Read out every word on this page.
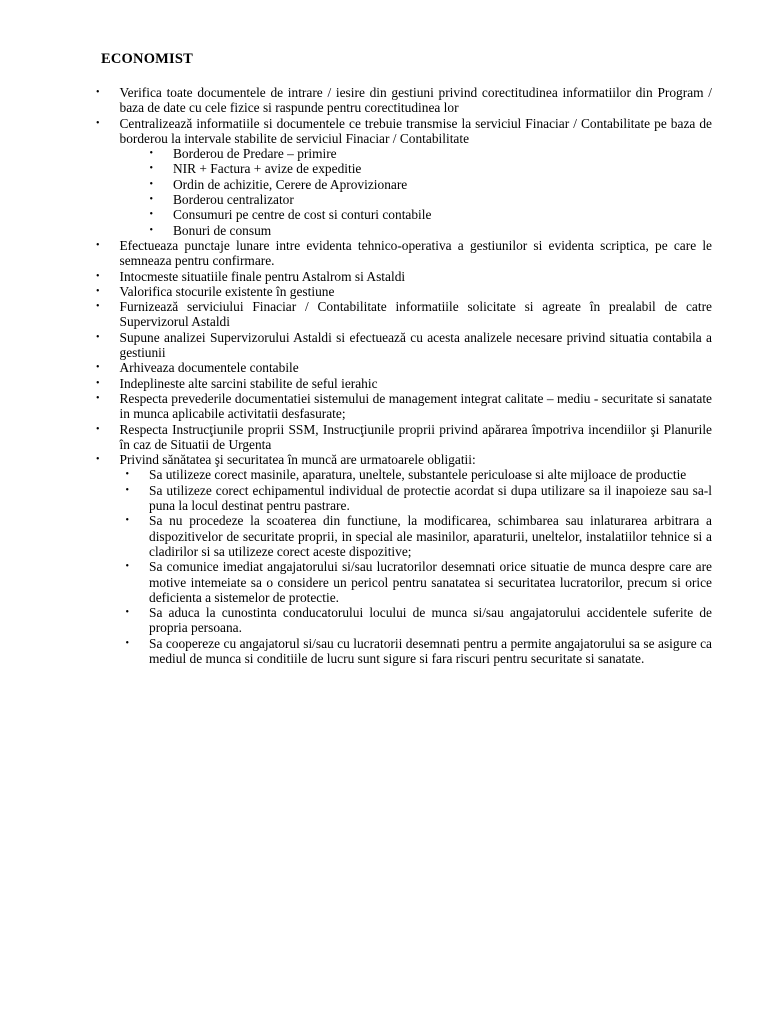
ECONOMIST
• Verifica toate documentele de intrare / iesire din gestiuni privind corectitudinea informatiilor din Program / baza de date cu cele fizice si raspunde pentru corectitudinea lor
• Centralizează informatiile si documentele ce trebuie transmise la serviciul Finaciar / Contabilitate pe baza de borderou la intervale stabilite de serviciul Finaciar / Contabilitate
• Borderou de Predare – primire
• NIR + Factura + avize de expeditie
• Ordin de achizitie, Cerere de Aprovizionare
• Borderou centralizator
• Consumuri pe centre de cost si conturi contabile
• Bonuri de consum
• Efectueaza punctaje lunare intre evidenta tehnico-operativa a gestiunilor si evidenta scriptica, pe care le semneaza pentru confirmare.
• Intocmeste situatiile finale pentru Astalrom si Astaldi
• Valorifica stocurile existente în gestiune
• Furnizează serviciului Finaciar / Contabilitate informatiile solicitate si agreate în prealabil de catre Supervizorul Astaldi
• Supune analizei Supervizorului Astaldi si efectuează cu acesta analizele necesare privind situatia contabila a gestiunii
• Arhiveaza documentele contabile
• Indeplineste alte sarcini stabilite de seful ierahic
• Respecta prevederile documentatiei sistemului de management integrat calitate – mediu - securitate si sanatate in munca aplicabile activitatii desfasurate;
• Respecta Instrucţiunile proprii SSM, Instrucţiunile proprii privind apărarea împotriva incendiilor şi Planurile în caz de Situatii de Urgenta
• Privind sănătatea şi securitatea în muncă are urmatoarele obligatii:
• Sa utilizeze corect masinile, aparatura, uneltele, substantele periculoase si alte mijloace de productie
• Sa utilizeze corect echipamentul individual de protectie acordat si dupa utilizare sa il inapoieze sau sa-l puna la locul destinat pentru pastrare.
• Sa nu procedeze la scoaterea din functiune, la modificarea, schimbarea sau inlaturarea arbitrara a dispozitivelor de securitate proprii, in special ale masinilor, aparaturii, uneltelor, instalatiilor tehnice si a cladirilor si sa utilizeze corect aceste dispozitive;
• Sa comunice imediat angajatorului si/sau lucratorilor desemnati orice situatie de munca despre care are motive intemeiate sa o considere un pericol pentru sanatatea si securitatea lucratorilor, precum si orice deficienta a sistemelor de protectie.
• Sa aduca la cunostinta conducatorului locului de munca si/sau angajatorului accidentele suferite de propria persoana.
• Sa coopereze cu angajatorul si/sau cu lucratorii desemnati pentru a permite angajatorului sa se asigure ca mediul de munca si conditiile de lucru sunt sigure si fara riscuri pentru securitate si sanatate.
